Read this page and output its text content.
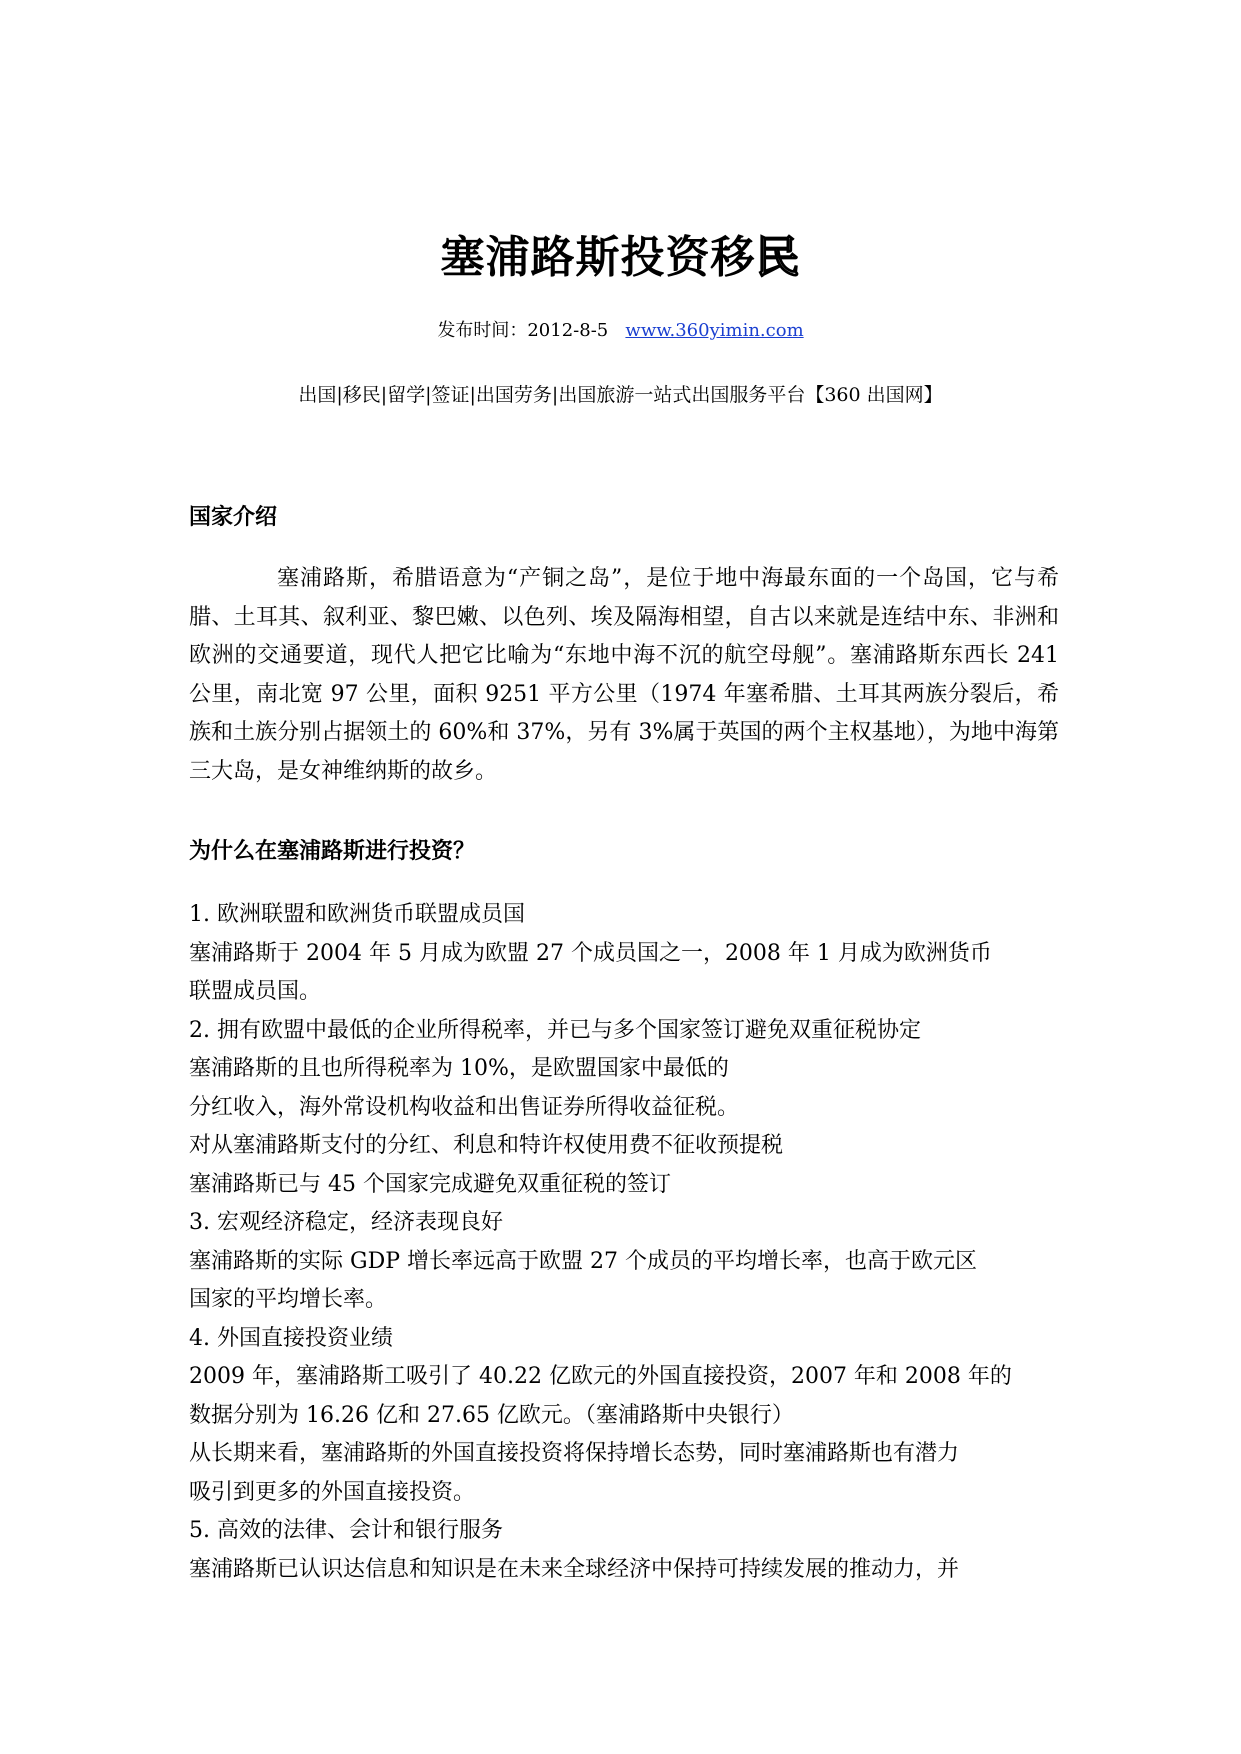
塞浦路斯投资移民
发布时间：2012-8-5 www.360yimin.com
出国|移民|留学|签证|出国劳务|出国旅游一站式出国服务平台【360 出国网】
国家介绍

塞浦路斯，希腊语意为“产铜之岛”，是位于地中海最东面的一个岛国，它与希腊、土耳其、叙利亚、黎巴嫩、以色列、埃及隔海相望，自古以来就是连结中东、非洲和欧洲的交通要道，现代人把它比喻为“东地中海不沉的航空母舰”。塞浦路斯东西长 241 公里，南北宽 97 公里，面积 9251 平方公里（1974 年塞希腊、土耳其两族分裂后，希族和土族分别占据领土的 60%和 37%，另有 3%属于英国的两个主权基地），为地中海第三大岛，是女神维纳斯的故乡。

为什么在塞浦路斯进行投资？

1. 欧洲联盟和欧洲货币联盟成员国

塞浦路斯于 2004 年 5 月成为欧盟 27 个成员国之一，2008 年 1 月成为欧洲货币

联盟成员国。

2. 拥有欧盟中最低的企业所得税率，并已与多个国家签订避免双重征税协定

塞浦路斯的且也所得税率为 10%，是欧盟国家中最低的

分红收入，海外常设机构收益和出售证券所得收益征税。

对从塞浦路斯支付的分红、利息和特许权使用费不征收预提税

塞浦路斯已与 45 个国家完成避免双重征税的签订

3. 宏观经济稳定，经济表现良好

塞浦路斯的实际 GDP 增长率远高于欧盟 27 个成员的平均增长率，也高于欧元区

国家的平均增长率。

4. 外国直接投资业绩

2009 年，塞浦路斯工吸引了 40.22 亿欧元的外国直接投资，2007 年和 2008 年的

数据分别为 16.26 亿和 27.65 亿欧元。（塞浦路斯中央银行）

从长期来看，塞浦路斯的外国直接投资将保持增长态势，同时塞浦路斯也有潜力

吸引到更多的外国直接投资。

5. 高效的法律、会计和银行服务

塞浦路斯已认识达信息和知识是在未来全球经济中保持可持续发展的推动力，并
